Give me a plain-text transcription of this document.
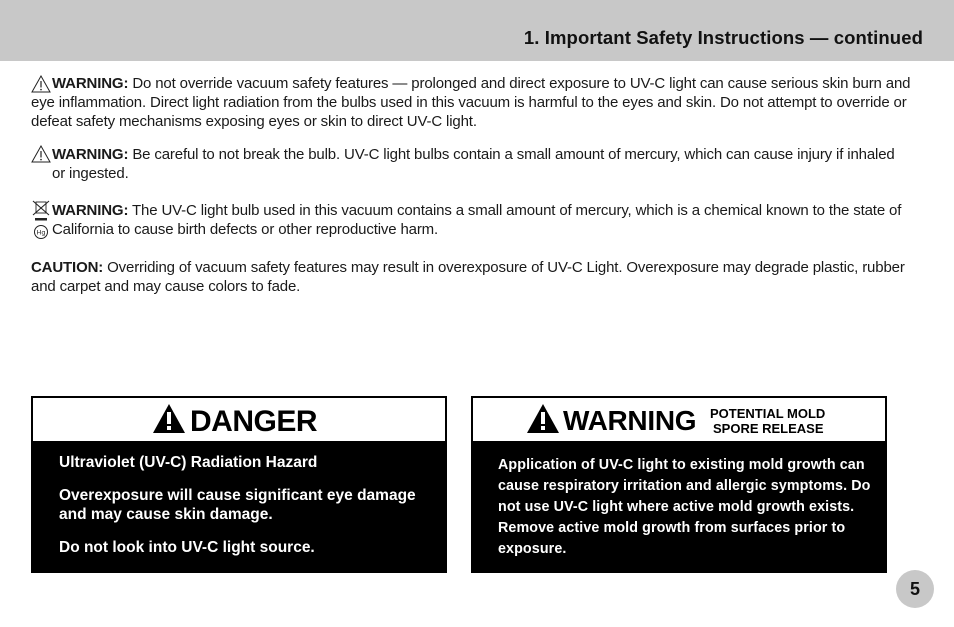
1. Important Safety Instructions — continued
WARNING: Do not override vacuum safety features — prolonged and direct exposure to UV-C light can cause serious skin burn and eye inflammation. Direct light radiation from the bulbs used in this vacuum is harmful to the eyes and skin. Do not attempt to override or defeat safety mechanisms exposing eyes or skin to direct UV-C light.
WARNING: Be careful to not break the bulb. UV-C light bulbs contain a small amount of mercury, which can cause injury if inhaled or ingested.
Hg
WARNING: The UV-C light bulb used in this vacuum contains a small amount of mercury, which is a chemical known to the state of California to cause birth defects or other reproductive harm.
CAUTION: Overriding of vacuum safety features may result in overexposure of UV-C Light. Overexposure may degrade plastic, rubber and carpet and may cause colors to fade.
DANGER

Ultraviolet (UV-C) Radiation Hazard

Overexposure will cause significant eye damage and may cause skin damage.

Do not look into UV-C light source.

WARNING POTENTIAL MOLD
SPORE RELEASE
Application of UV-C light to existing mold growth can cause respiratory irritation and allergic symptoms. Do not use UV-C light where active mold growth exists. Remove active mold growth from surfaces prior to exposure.
5
